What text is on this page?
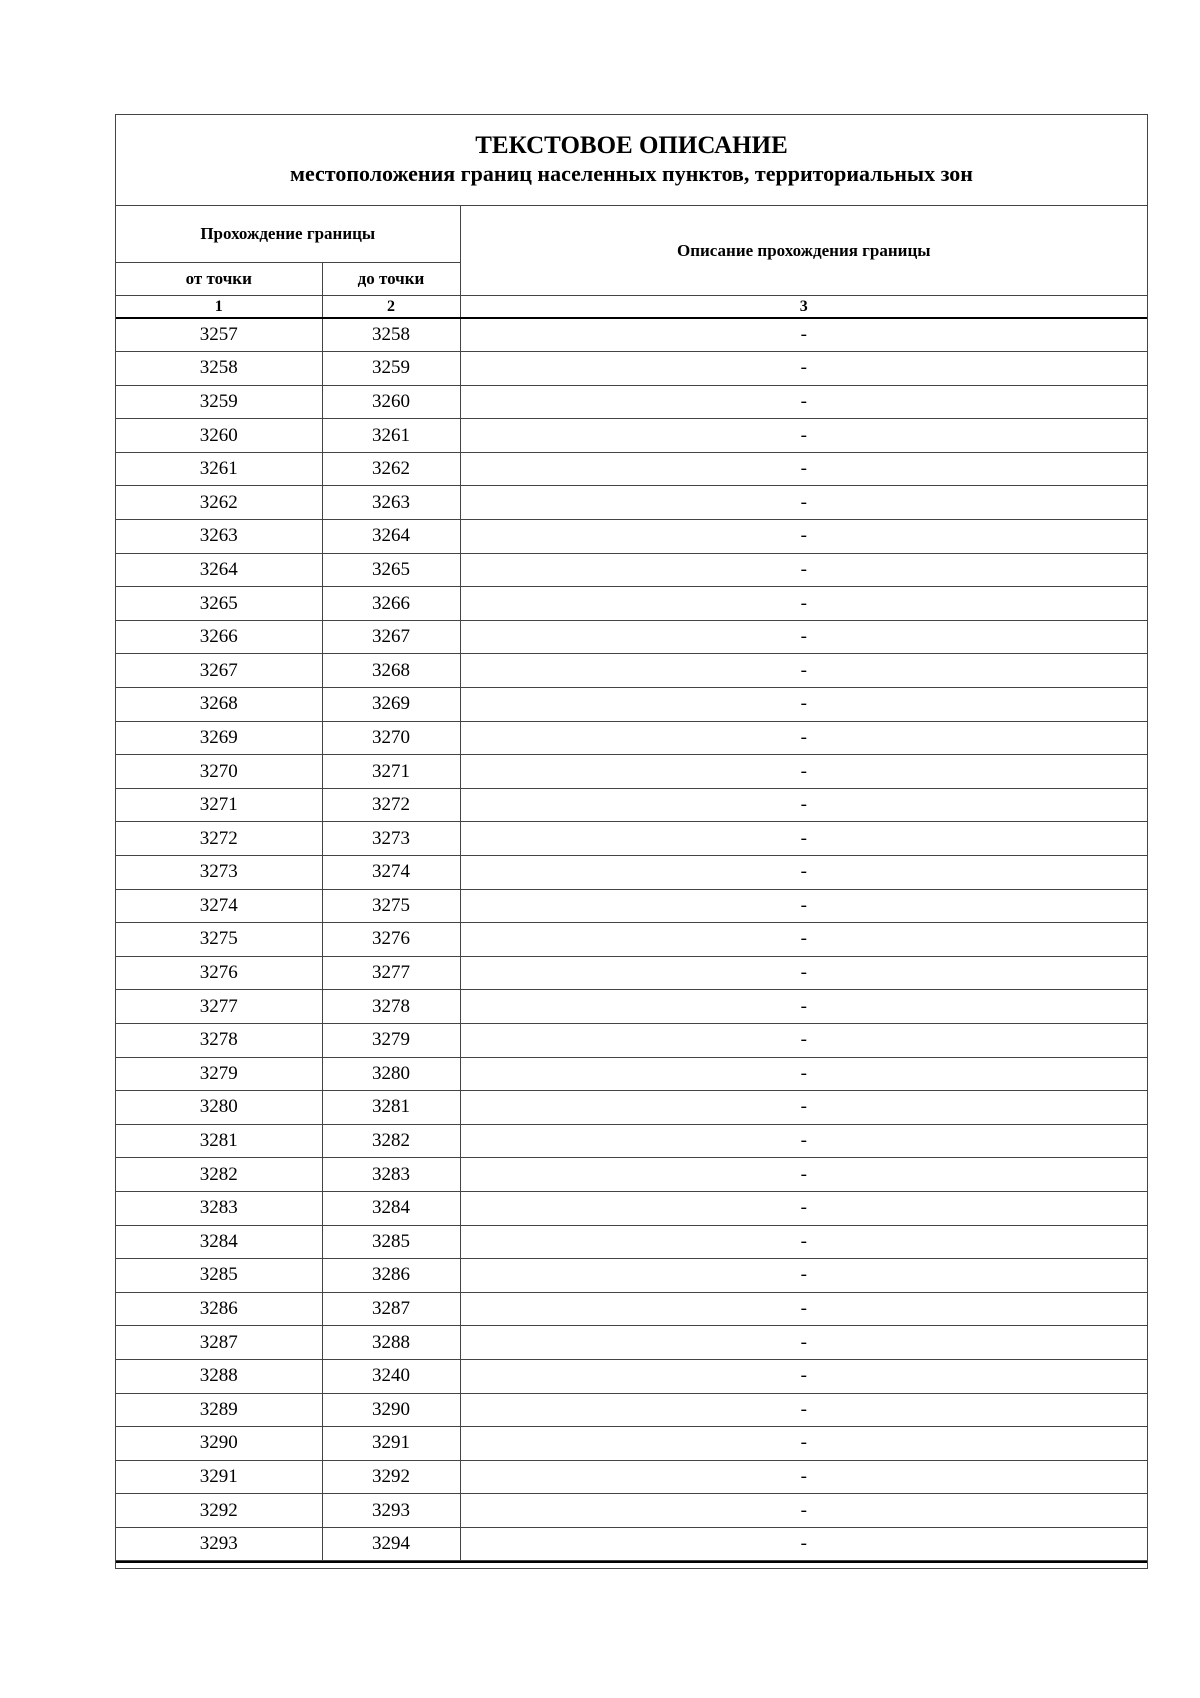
ТЕКСТОВОЕ ОПИСАНИЕ
местоположения границ населенных пунктов, территориальных зон
Прохождение границы		Описание прохождения границы
от точки	до точки	
1	2	3
3257	3258	-
3258	3259	-
3259	3260	-
3260	3261	-
3261	3262	-
3262	3263	-
3263	3264	-
3264	3265	-
3265	3266	-
3266	3267	-
3267	3268	-
3268	3269	-
3269	3270	-
3270	3271	-
3271	3272	-
3272	3273	-
3273	3274	-
3274	3275	-
3275	3276	-
3276	3277	-
3277	3278	-
3278	3279	-
3279	3280	-
3280	3281	-
3281	3282	-
3282	3283	-
3283	3284	-
3284	3285	-
3285	3286	-
3286	3287	-
3287	3288	-
3288	3240	-
3289	3290	-
3290	3291	-
3291	3292	-
3292	3293	-
3293	3294	-
